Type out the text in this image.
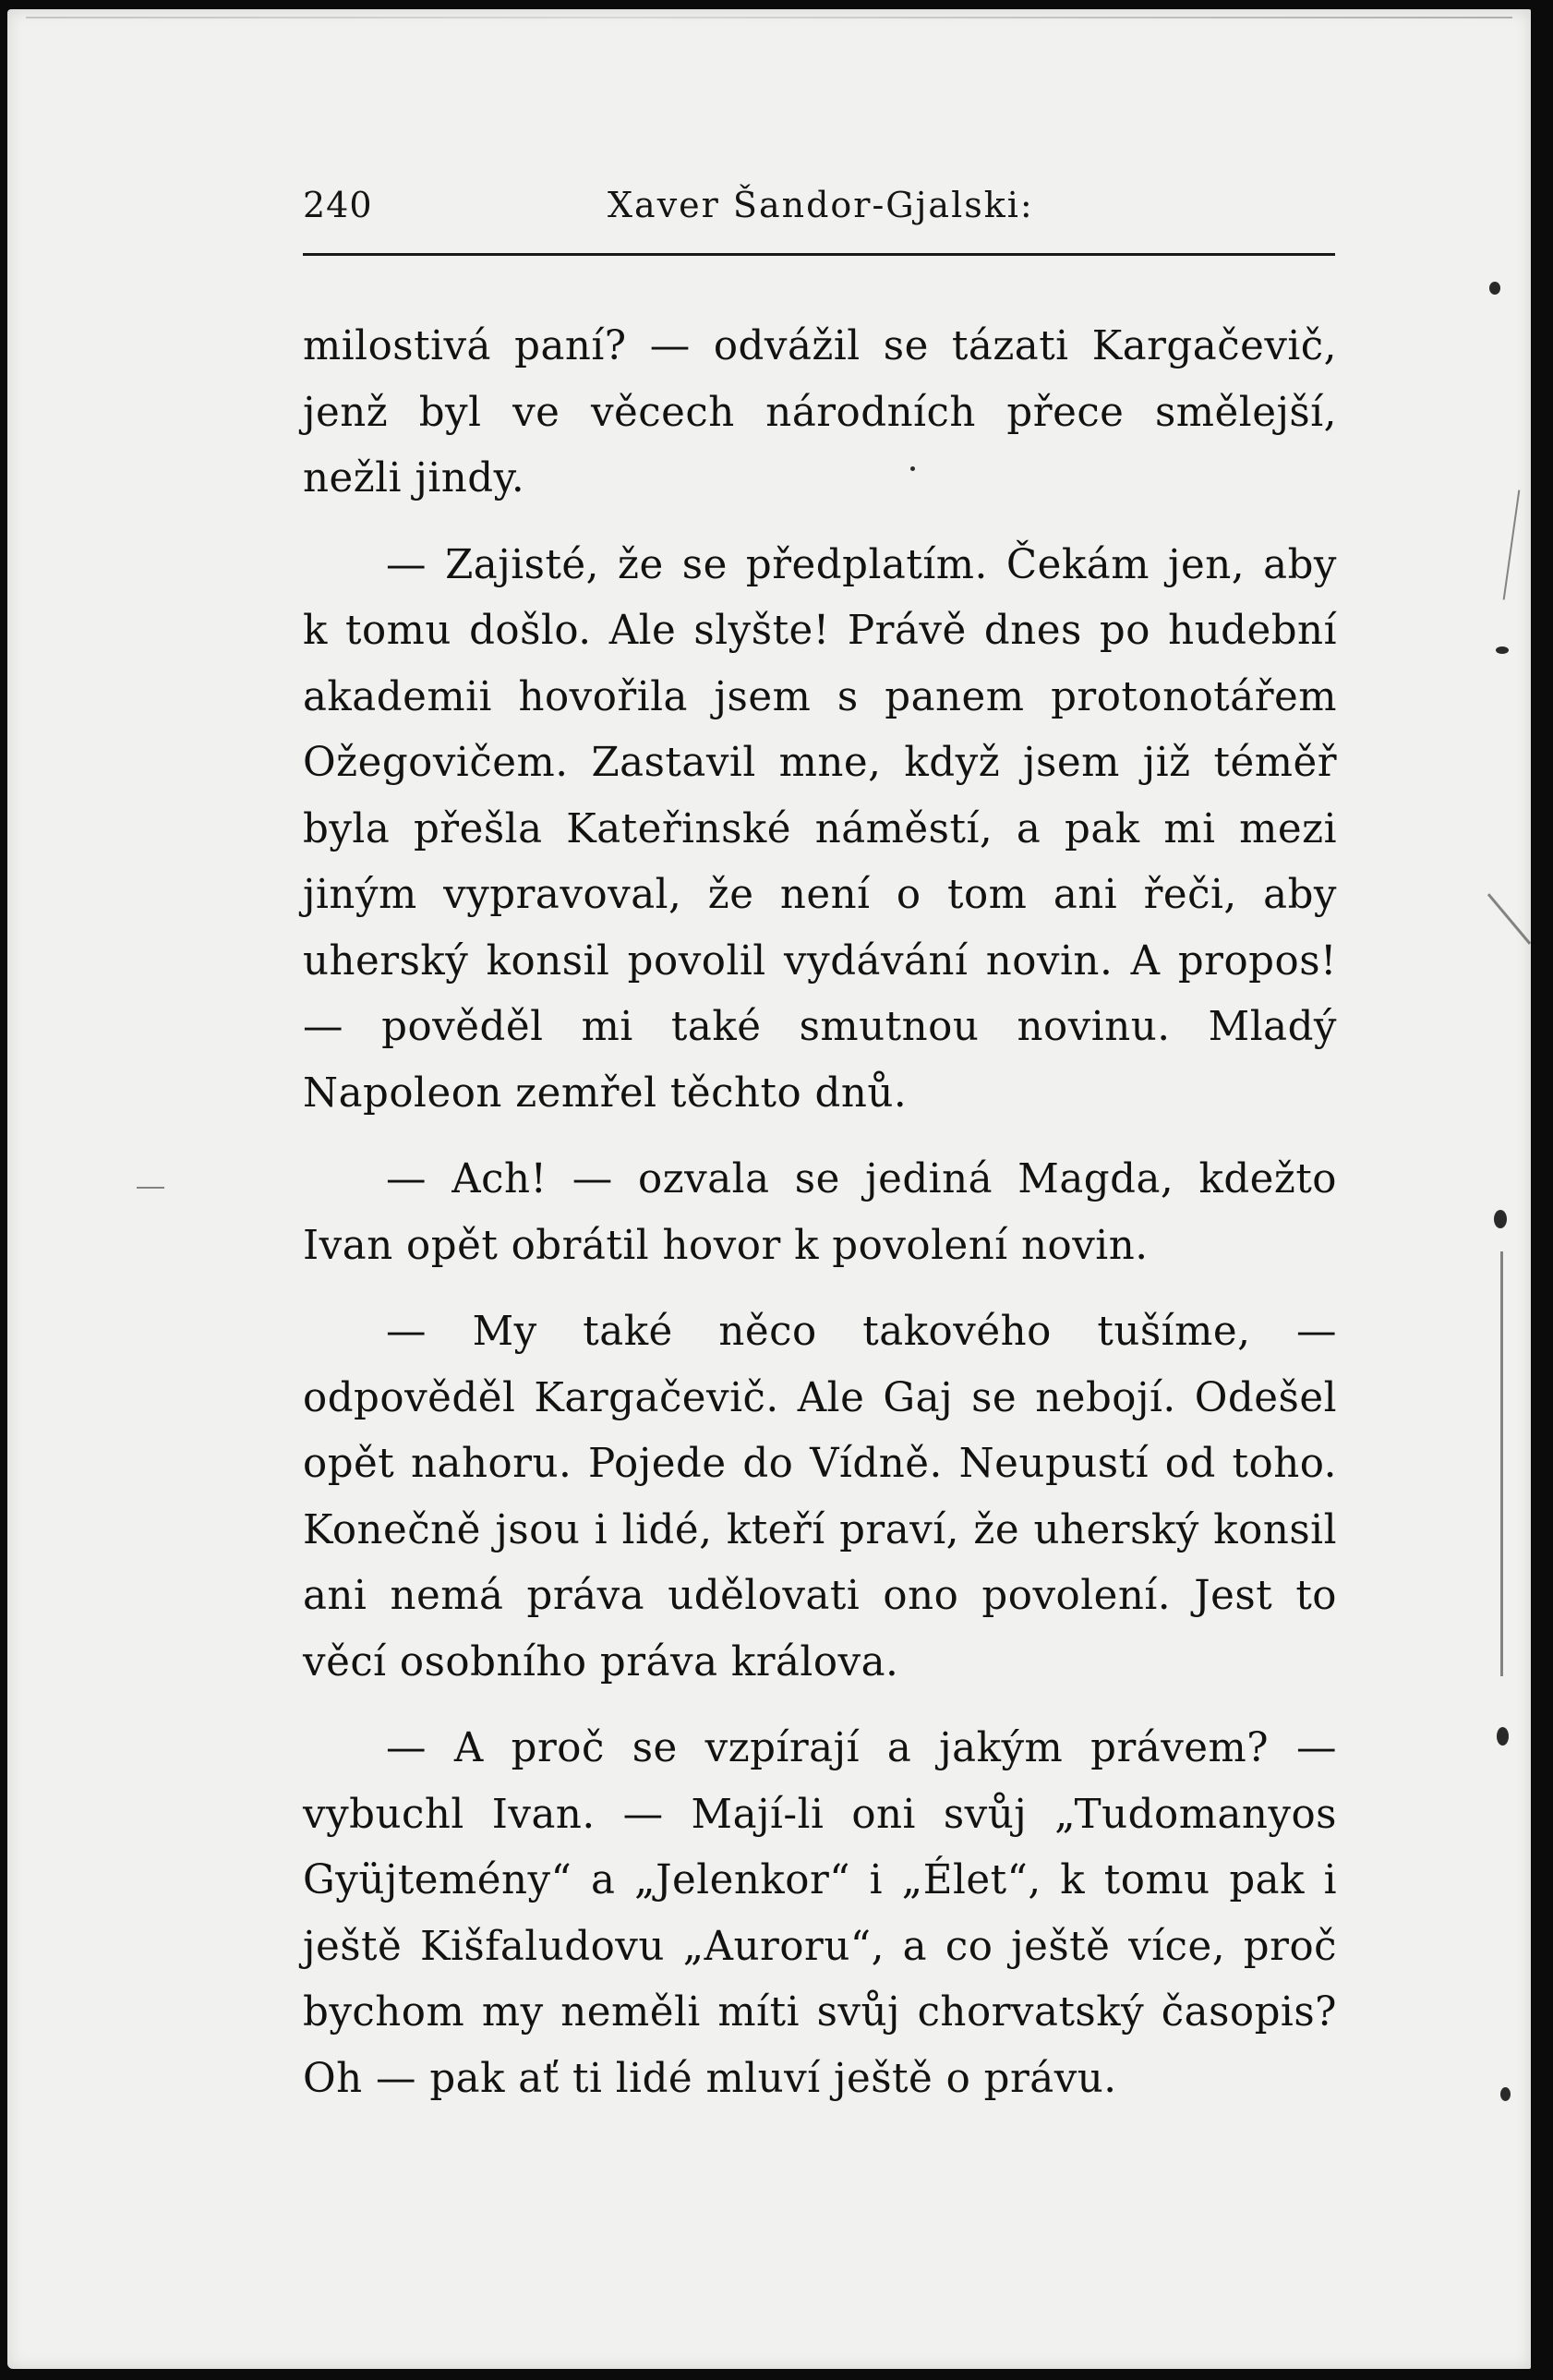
240	Xaver Šandor-Gjalski:

milostivá paní? — odvážil se tázati Kargačevič, jenž byl ve věcech národních přece smělejší, nežli jindy.

— Zajisté, že se předplatím. Čekám jen, aby k tomu došlo. Ale slyšte! Právě dnes po hudební akademii hovořila jsem s panem protonotářem Ožegovičem. Zastavil mne, když jsem již téměř byla přešla Kateřinské náměstí, a pak mi mezi jiným vypravoval, že není o tom ani řeči, aby uherský konsil povolil vydávání novin. A propos! — pověděl mi také smutnou novinu. Mladý Napoleon zemřel těchto dnů.

— Ach! — ozvala se jediná Magda, kdežto Ivan opět obrátil hovor k povolení novin.

— My také něco takového tušíme, — odpověděl Kargačevič. Ale Gaj se nebojí. Odešel opět nahoru. Pojede do Vídně. Neupustí od toho. Konečně jsou i lidé, kteří praví, že uherský konsil ani nemá práva udělovati ono povolení. Jest to věcí osobního práva králova.

— A proč se vzpírají a jakým právem? — vybuchl Ivan. — Mají-li oni svůj „Tudomanyos Gyüjtemény“ a „Jelenkor“ i „Élet“, k tomu pak i ještě Kišfaludovu „Auroru“, a co ještě více, proč bychom my neměli míti svůj chorvatský časopis? Oh — pak ať ti lidé mluví ještě o právu.
